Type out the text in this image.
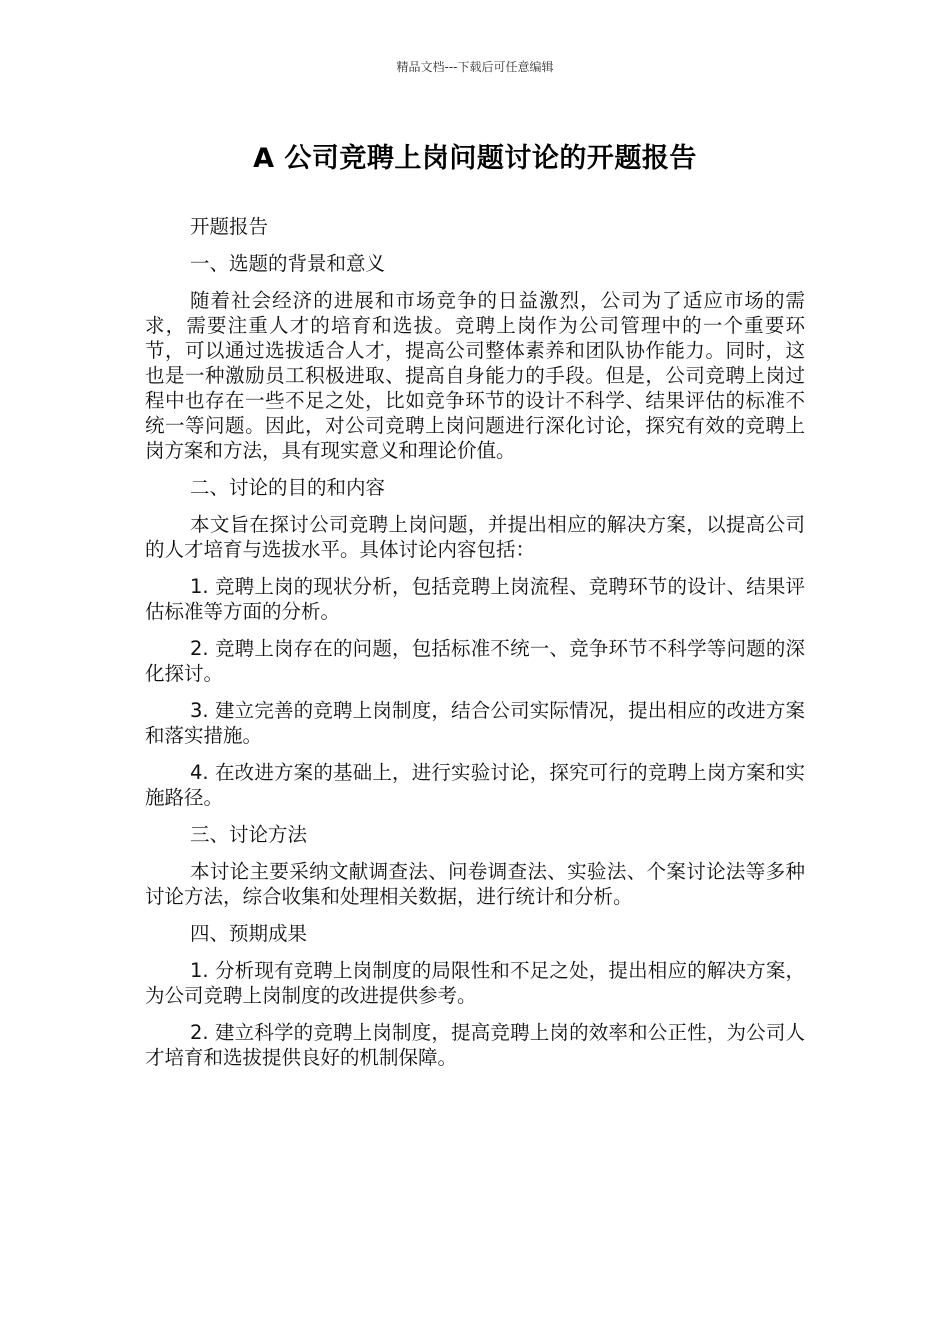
精品文档---下载后可任意编辑
A 公司竞聘上岗问题讨论的开题报告

开题报告

一、选题的背景和意义

随着社会经济的进展和市场竞争的日益激烈，公司为了适应市场的需求，需要注重人才的培育和选拔。竞聘上岗作为公司管理中的一个重要环节，可以通过选拔适合人才，提高公司整体素养和团队协作能力。同时，这也是一种激励员工积极进取、提高自身能力的手段。但是，公司竞聘上岗过程中也存在一些不足之处，比如竞争环节的设计不科学、结果评估的标准不统一等问题。因此，对公司竞聘上岗问题进行深化讨论，探究有效的竞聘上岗方案和方法，具有现实意义和理论价值。

二、讨论的目的和内容

本文旨在探讨公司竞聘上岗问题，并提出相应的解决方案，以提高公司的人才培育与选拔水平。具体讨论内容包括：

1. 竞聘上岗的现状分析，包括竞聘上岗流程、竞聘环节的设计、结果评估标准等方面的分析。

2. 竞聘上岗存在的问题，包括标准不统一、竞争环节不科学等问题的深化探讨。

3. 建立完善的竞聘上岗制度，结合公司实际情况，提出相应的改进方案和落实措施。

4. 在改进方案的基础上，进行实验讨论，探究可行的竞聘上岗方案和实施路径。

三、讨论方法

本讨论主要采纳文献调查法、问卷调查法、实验法、个案讨论法等多种讨论方法，综合收集和处理相关数据，进行统计和分析。

四、预期成果

1. 分析现有竞聘上岗制度的局限性和不足之处，提出相应的解决方案，为公司竞聘上岗制度的改进提供参考。

2. 建立科学的竞聘上岗制度，提高竞聘上岗的效率和公正性，为公司人才培育和选拔提供良好的机制保障。
